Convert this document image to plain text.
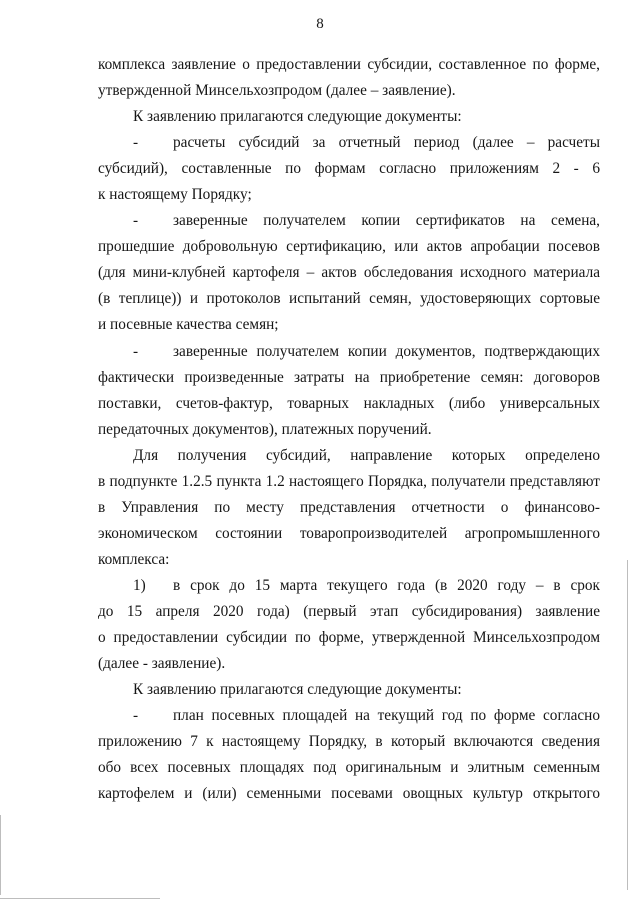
8
комплекса заявление о предоставлении субсидии, составленное по форме,
утвержденной Минсельхозпродом (далее – заявление).
К заявлению прилагаются следующие документы:
- расчеты субсидий за отчетный период (далее – расчеты
субсидий), составленные по формам согласно приложениям 2 - 6
к настоящему Порядку;
- заверенные получателем копии сертификатов на семена,
прошедшие добровольную сертификацию, или актов апробации посевов
(для мини-клубней картофеля – актов обследования исходного материала
(в теплице)) и протоколов испытаний семян, удостоверяющих сортовые
и посевные качества семян;
- заверенные получателем копии документов, подтверждающих
фактически произведенные затраты на приобретение семян: договоров
поставки, счетов-фактур, товарных накладных (либо универсальных
передаточных документов), платежных поручений.
Для получения субсидий, направление которых определено
в подпункте 1.2.5 пункта 1.2 настоящего Порядка, получатели представляют
в Управления по месту представления отчетности о финансово-
экономическом состоянии товаропроизводителей агропромышленного
комплекса:
1) в срок до 15 марта текущего года (в 2020 году – в срок
до 15 апреля 2020 года) (первый этап субсидирования) заявление
о предоставлении субсидии по форме, утвержденной Минсельхозпродом
(далее - заявление).
К заявлению прилагаются следующие документы:
- план посевных площадей на текущий год по форме согласно
приложению 7 к настоящему Порядку, в который включаются сведения
обо всех посевных площадях под оригинальным и элитным семенным
картофелем и (или) семенными посевами овощных культур открытого
